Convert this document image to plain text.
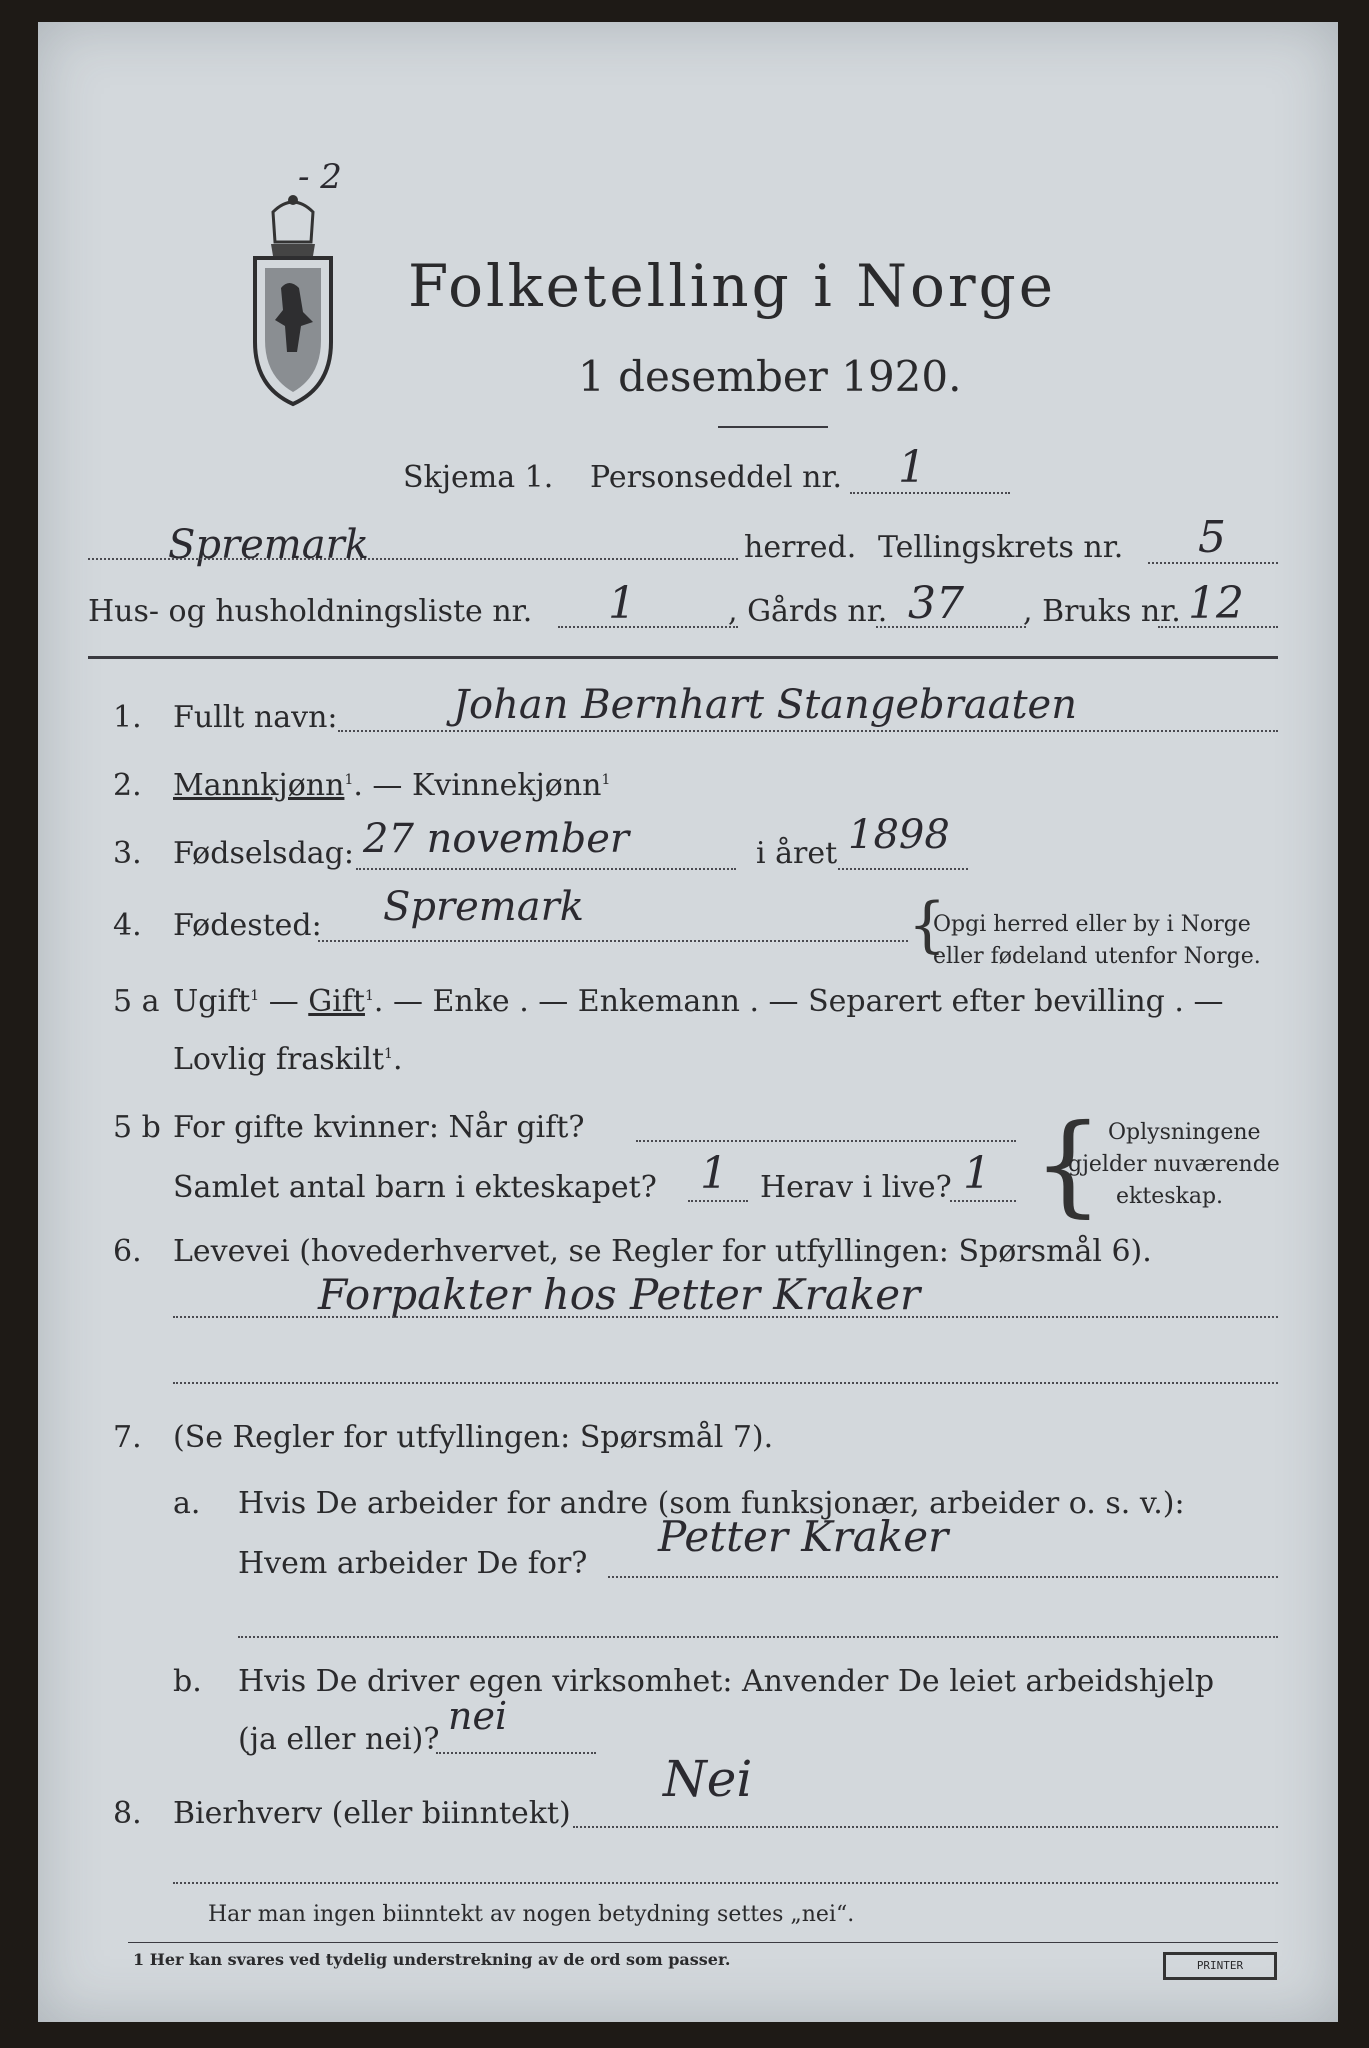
- 2
Folketelling i Norge
1 desember 1920.
Skjema 1. Personseddel nr. 1
Spremark	herred. Tellingskrets nr. 5
Hus- og husholdningsliste nr. 1	, Gårds nr. 37 , Bruks nr. 12
1. Fullt navn:	Johan Bernhart Stangebraaten
2. Mannkjønn$^1$. — Kvinnekjønn$^1$
3. Fødselsdag: 27 november	i året 1898
4. Fødested: Spremark	{
Opgi herred eller by i Norge
eller fødeland utenfor Norge.
5 a Ugift$^1$ — Gift$^1$. — Enke . — Enkemann . — Separert efter bevilling . —
Lovlig fraskilt$^1$.
5 b For gifte kvinner: Når gift?
Samlet antal barn i ekteskapet? 1 Herav i live? 1 { Oplysningene
gjelder nuværende
ekteskap.
6. Levevei (hovederhvervet, se Regler for utfyllingen: Spørsmål 6).
Forpakter hos Petter Kraker
7. (Se Regler for utfyllingen: Spørsmål 7).
a. Hvis De arbeider for andre (som funksjonær, arbeider o. s. v.):
Hvem arbeider De for?
Petter Kraker
b. Hvis De driver egen virksomhet: Anvender De leiet arbeidshjelp
(ja eller nei)?
nei
8. Bierhverv (eller biinntekt)
Nei
Har man ingen biinntekt av nogen betydning settes „nei“.
1 Her kan svares ved tydelig understrekning av de ord som passer.	PRINTER
